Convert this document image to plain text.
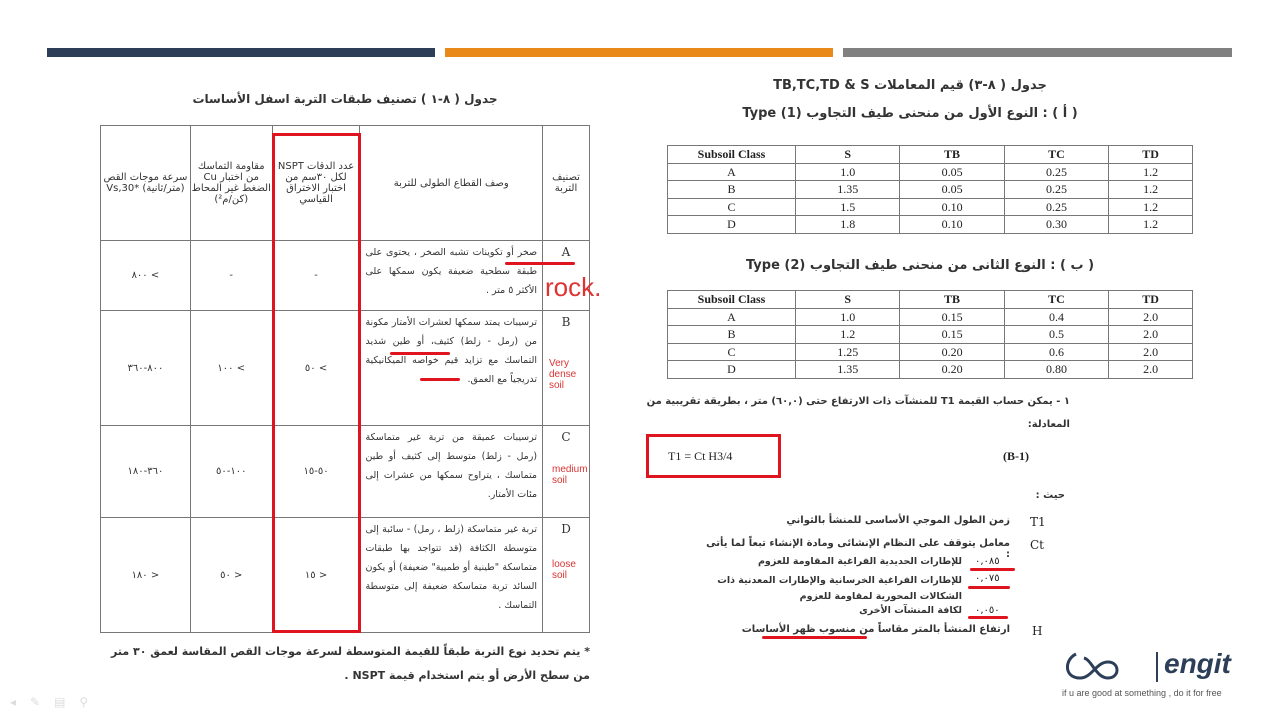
جدول ( ٨-١ ) تصنيف طبقات التربة اسفل الأساسات
سرعة موجات القص Vs,30* (متر/ثانية)	مقاومة التماسك Cu من اختبار الضغط غير المحاط (كن/م²)	NSPT عدد الدقات لكل ٣٠سم من اختبار الاختراق القياسي	وصف القطاع الطولى للتربة	تصنيف التربة
٨٠٠ <	-	-	صخر أو تكوينات تشبه الصخر ، يحتوى على طبقة سطحية ضعيفة يكون سمكها على الأكثر ٥ متر .	A
٨٠٠-٣٦٠	١٠٠ <	٥٠ <	ترسيبات يمتد سمكها لعشرات الأمتار مكونة من (رمل - زلط) كثيف، أو طين شديد التماسك مع تزايد قيم خواصه الميكانيكية تدريجياً مع العمق.	B
٣٦٠-١٨٠	١٠٠-٥٠	٥٠-١٥	ترسيبات عميقة من تربة غير متماسكة (رمل - زلط) متوسط إلى كثيف أو طين متماسك ، يتراوح سمكها من عشرات إلى مئات الأمتار.	C
١٨٠ >	٥٠ >	١٥ >	تربة غير متماسكة (زلط ، رمل) - سائبة إلى متوسطة الكثافة (قد تتواجد بها طبقات متماسكة "طينية أو طميية" ضعيفة) أو يكون السائد تربة متماسكة ضعيفة إلى متوسطة التماسك .	D
rock.
Very dense soil
medium soil
loose soil
* يتم تحديد نوع التربة طبقاً للقيمة المتوسطة لسرعة موجات القص المقاسة لعمق ٣٠ متر من سطح الأرض أو يتم استخدام قيمة NSPT .
جدول ( ٨-٣) قيم المعاملات TB,TC,TD & S
( أ ) : النوع الأول من منحنى طيف التجاوب Type (1)
Subsoil Class	S	TB	TC	TD
A	1.0	0.05	0.25	1.2
B	1.35	0.05	0.25	1.2
C	1.5	0.10	0.25	1.2
D	1.8	0.10	0.30	1.2
( ب ) : النوع الثانى من منحنى طيف التجاوب Type (2)
Subsoil Class	S	TB	TC	TD
A	1.0	0.15	0.4	2.0
B	1.2	0.15	0.5	2.0
C	1.25	0.20	0.6	2.0
D	1.35	0.20	0.80	2.0
١ - يمكن حساب القيمة T1 للمنشآت ذات الارتفاع حتى (٦٠,٠) متر ، بطريقة تقريبية من المعادلة:
T1 = Ct H3/4	(B-1)
حيث :
T1
زمن الطول الموجي الأساسى للمنشأ بالثواني
Ct
معامل يتوقف على النظام الإنشائى ومادة الإنشاء تبعاً لما يأتى :
٠,٠٨٥
للإطارات الحديدية الفراغية المقاومة للعزوم
٠,٠٧٥
للإطارات الفراغية الخرسانية والإطارات المعدنية ذات الشكالات المحورية لمقاومة للعزوم
٠,٠٥٠
لكافة المنشآت الأخرى
H
ارتفاع المنشأ بالمتر مقاساً من منسوب ظهر الأساسات
engit
if u are good at something , do it for free
◂✎▤⚲
